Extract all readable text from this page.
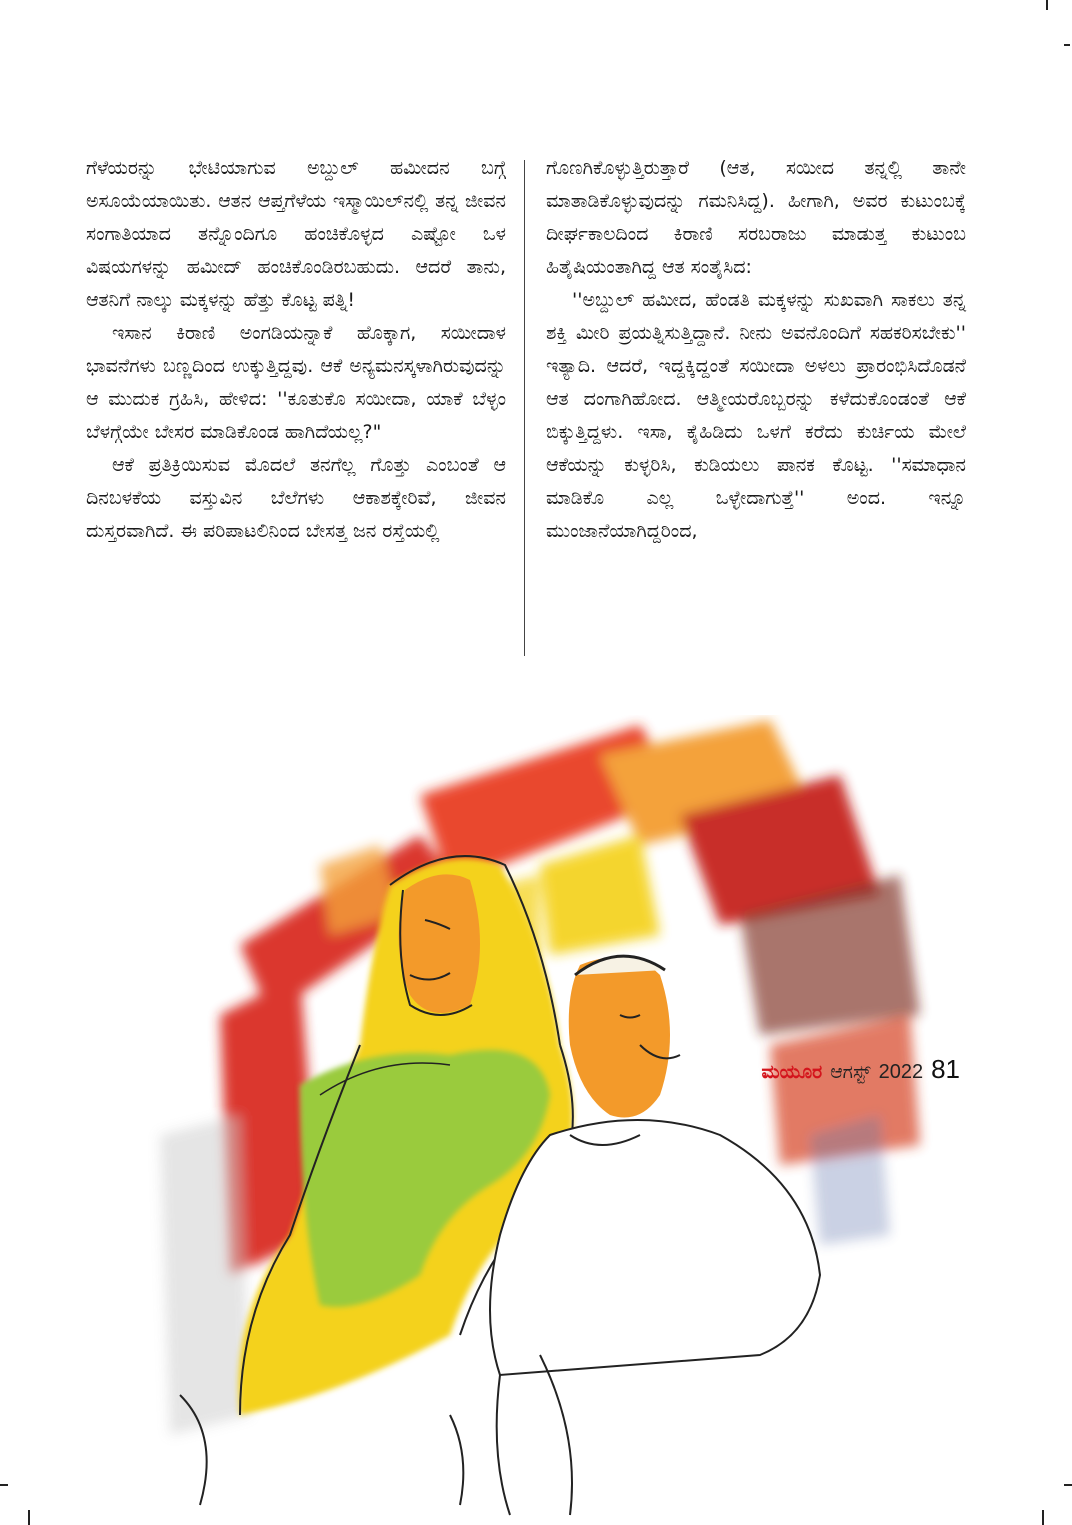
ಗೆಳೆಯರನ್ನು ಭೇಟಿಯಾಗುವ ಅಬ್ದುಲ್ ಹಮೀದನ ಬಗ್ಗೆ ಅಸೂಯೆಯಾಯಿತು. ಆತನ ಆಪ್ತಗೆಳೆಯ ಇಸ್ಮಾಯಿಲ್‌ನಲ್ಲಿ ತನ್ನ ಜೀವನ ಸಂಗಾತಿಯಾದ ತನ್ನೊಂದಿಗೂ ಹಂಚಿಕೊಳ್ಳದ ಎಷ್ಟೋ ಒಳ ವಿಷಯಗಳನ್ನು ಹಮೀದ್ ಹಂಚಿಕೊಂಡಿರಬಹುದು. ಆದರೆ ತಾನು, ಆತನಿಗೆ ನಾಲ್ಕು ಮಕ್ಕಳನ್ನು ಹೆತ್ತು ಕೊಟ್ಟ ಪತ್ನಿ!

ಇಸಾನ ಕಿರಾಣಿ ಅಂಗಡಿಯನ್ನಾಕೆ ಹೊಕ್ಕಾಗ, ಸಯೀದಾಳ ಭಾವನೆಗಳು ಬಣ್ಣದಿಂದ ಉಕ್ಕುತ್ತಿದ್ದವು. ಆಕೆ ಅನ್ಯಮನಸ್ಕಳಾಗಿರುವುದನ್ನು ಆ ಮುದುಕ ಗ್ರಹಿಸಿ, ಹೇಳಿದ: ''ಕೂತುಕೊ ಸಯೀದಾ, ಯಾಕೆ ಬೆಳ್ಳಂ ಬೆಳಗ್ಗೆಯೇ ಬೇಸರ ಮಾಡಿಕೊಂಡ ಹಾಗಿದೆಯಲ್ಲ?"

ಆಕೆ ಪ್ರತಿಕ್ರಿಯಿಸುವ ಮೊದಲೆ ತನಗೆಲ್ಲ ಗೊತ್ತು ಎಂಬಂತೆ ಆ ದಿನಬಳಕೆಯ ವಸ್ತುವಿನ ಬೆಲೆಗಳು ಆಕಾಶಕ್ಕೇರಿವೆ, ಜೀವನ ದುಸ್ತರವಾಗಿದೆ. ಈ ಪರಿಪಾಟಲಿನಿಂದ ಬೇಸತ್ತ ಜನ ರಸ್ತೆಯಲ್ಲಿ

ಗೊಣಗಿಕೊಳ್ಳುತ್ತಿರುತ್ತಾರೆ (ಆತ, ಸಯೀದ ತನ್ನಲ್ಲಿ ತಾನೇ ಮಾತಾಡಿಕೊಳ್ಳುವುದನ್ನು ಗಮನಿಸಿದ್ದ). ಹೀಗಾಗಿ, ಅವರ ಕುಟುಂಬಕ್ಕೆ ದೀರ್ಘಕಾಲದಿಂದ ಕಿರಾಣಿ ಸರಬರಾಜು ಮಾಡುತ್ತ ಕುಟುಂಬ ಹಿತೈಷಿಯಂತಾಗಿದ್ದ ಆತ ಸಂತೈಸಿದ:

''ಅಬ್ದುಲ್ ಹಮೀದ, ಹೆಂಡತಿ ಮಕ್ಕಳನ್ನು ಸುಖವಾಗಿ ಸಾಕಲು ತನ್ನ ಶಕ್ತಿ ಮೀರಿ ಪ್ರಯತ್ನಿಸುತ್ತಿದ್ದಾನೆ. ನೀನು ಅವನೊಂದಿಗೆ ಸಹಕರಿಸಬೇಕು'' ಇತ್ಯಾದಿ. ಆದರೆ, ಇದ್ದಕ್ಕಿದ್ದಂತೆ ಸಯೀದಾ ಅಳಲು ಪ್ರಾರಂಭಿಸಿದೊಡನೆ ಆತ ದಂಗಾಗಿಹೋದ. ಆತ್ಮೀಯರೊಬ್ಬರನ್ನು ಕಳೆದುಕೊಂಡಂತೆ ಆಕೆ ಬಿಕ್ಕುತ್ತಿದ್ದಳು. ಇಸಾ, ಕೈಹಿಡಿದು ಒಳಗೆ ಕರೆದು ಕುರ್ಚಿಯ ಮೇಲೆ ಆಕೆಯನ್ನು ಕುಳ್ಳರಿಸಿ, ಕುಡಿಯಲು ಪಾನಕ ಕೊಟ್ಟ. ''ಸಮಾಧಾನ ಮಾಡಿಕೊ ಎಲ್ಲ ಒಳ್ಳೇದಾಗುತ್ತೆ'' ಅಂದ. ಇನ್ನೂ ಮುಂಜಾನೆಯಾಗಿದ್ದರಿಂದ,

ಮಯೂರ ಆಗಸ್ಟ್ 2022 81
